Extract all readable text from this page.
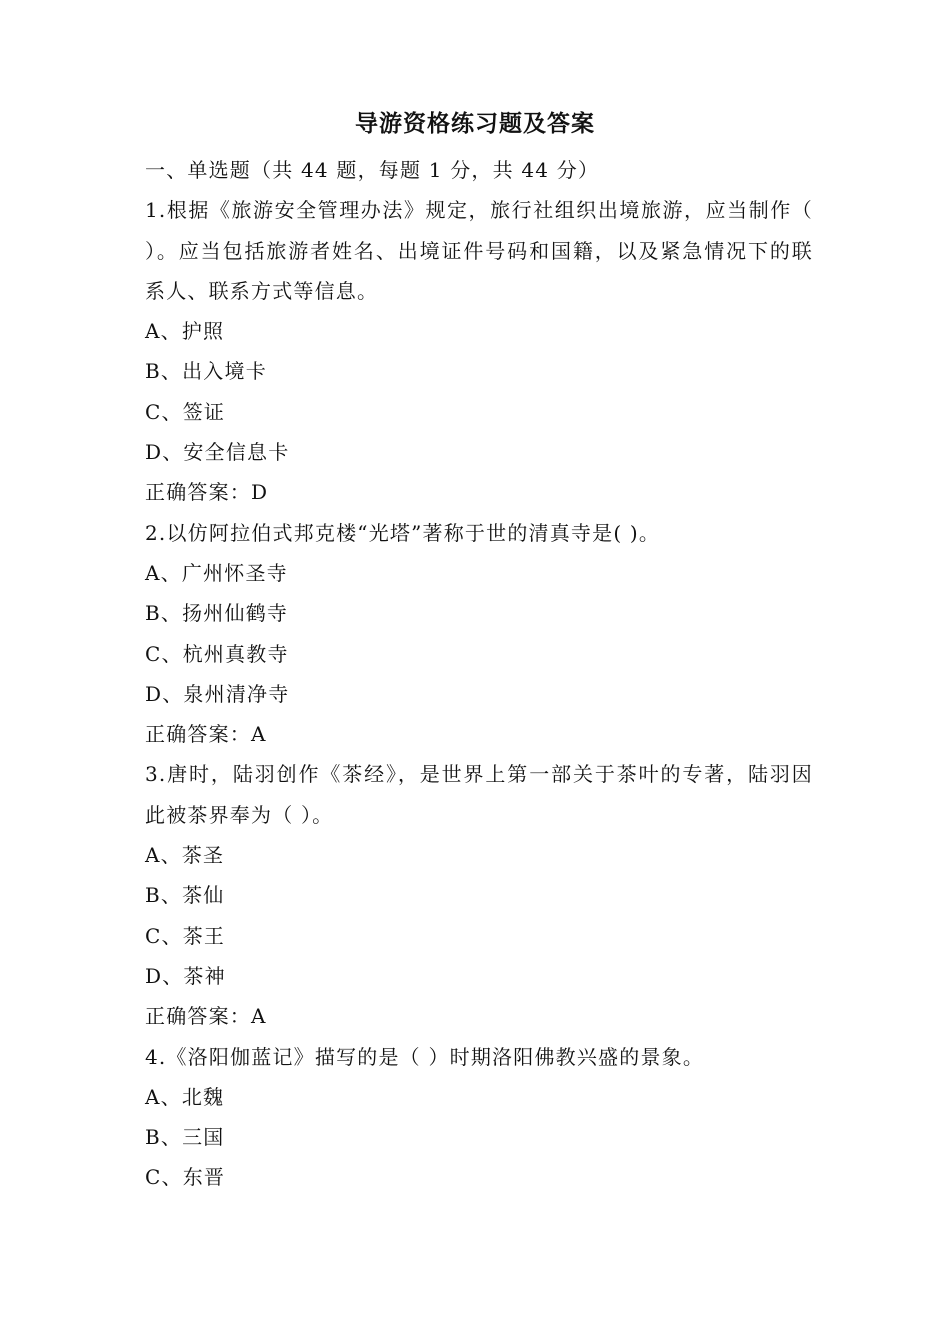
导游资格练习题及答案
一、单选题（共 44 题，每题 1 分，共 44 分）
1.根据《旅游安全管理办法》规定，旅行社组织出境旅游，应当制作（ ）。应当包括旅游者姓名、出境证件号码和国籍，以及紧急情况下的联系人、联系方式等信息。
A、护照
B、出入境卡
C、签证
D、安全信息卡
正确答案：D
2.以仿阿拉伯式邦克楼“光塔”著称于世的清真寺是( )。
A、广州怀圣寺
B、扬州仙鹤寺
C、杭州真教寺
D、泉州清净寺
正确答案：A
3.唐时，陆羽创作《茶经》，是世界上第一部关于茶叶的专著，陆羽因此被茶界奉为（ ）。
A、茶圣
B、茶仙
C、茶王
D、茶神
正确答案：A
4.《洛阳伽蓝记》描写的是（ ）时期洛阳佛教兴盛的景象。
A、北魏
B、三国
C、东晋
